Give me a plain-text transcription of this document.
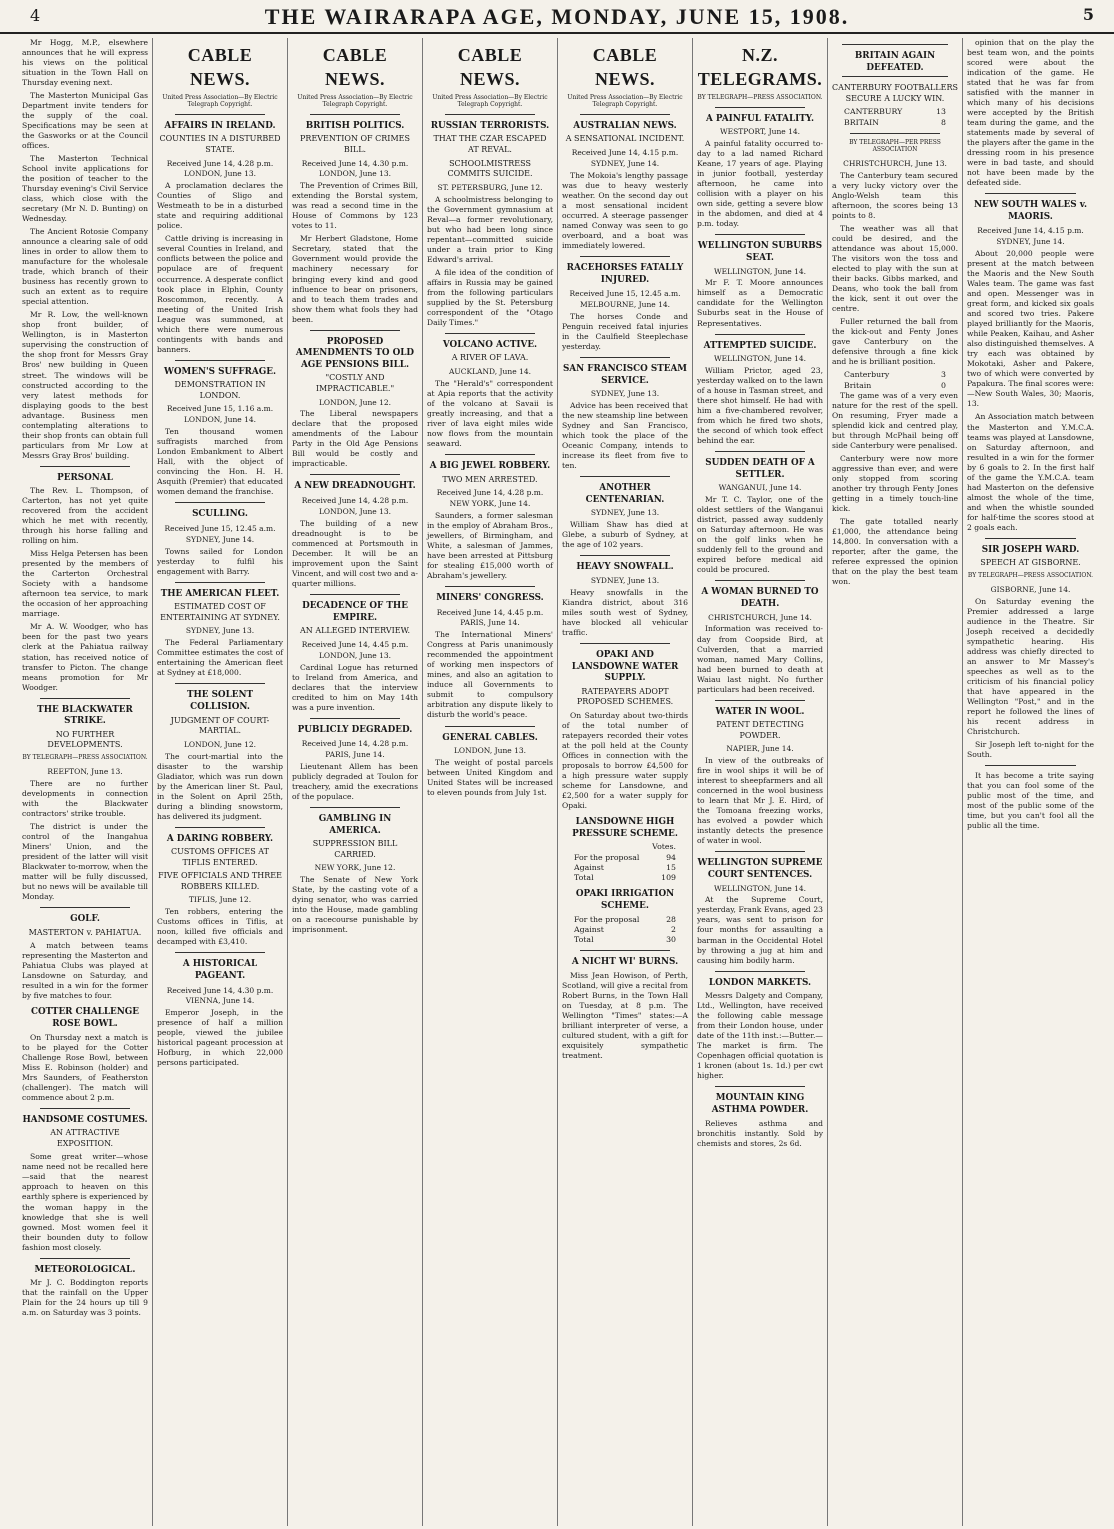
4	THE WAIRARAPA AGE, MONDAY, JUNE 15, 1908.	5

Mr Hogg, M.P., elsewhere announces that he will express his views on the political situation in the Town Hall on Thursday evening next.

The Masterton Municipal Gas Department invite tenders for the supply of the coal. Specifications may be seen at the Gasworks or at the Council offices.

The Masterton Technical School invite applications for the position of teacher to the Thursday evening's Civil Service class, which close with the secretary (Mr N. D. Bunting) on Wednesday.

The Ancient Rotosie Company announce a clearing sale of odd lines in order to allow them to manufacture for the wholesale trade, which branch of their business has recently grown to such an extent as to require special attention.

Mr R. Low, the well-known shop front builder, of Wellington, is in Masterton supervising the construction of the shop front for Messrs Gray Bros' new building in Queen street. The windows will be constructed according to the very latest methods for displaying goods to the best advantage. Business men contemplating alterations to their shop fronts can obtain full particulars from Mr Low at Messrs Gray Bros' building.

PERSONAL

The Rev. L. Thompson, of Carterton, has not yet quite recovered from the accident which he met with recently, through his horse falling and rolling on him.

Miss Helga Petersen has been presented by the members of the Carterton Orchestral Society with a handsome afternoon tea service, to mark the occasion of her approaching marriage.

Mr A. W. Woodger, who has been for the past two years clerk at the Pahiatua railway station, has received notice of transfer to Picton. The change means promotion for Mr Woodger.

THE BLACKWATER STRIKE.
NO FURTHER DEVELOPMENTS.
BY TELEGRAPH—PRESS ASSOCIATION.
REEFTON, June 13.

There are no further developments in connection with the Blackwater contractors' strike trouble.

The district is under the control of the Inangahua Miners' Union, and the president of the latter will visit Blackwater to-morrow, when the matter will be fully discussed, but no news will be available till Monday.

GOLF.
MASTERTON v. PAHIATUA.

A match between teams representing the Masterton and Pahiatua Clubs was played at Lansdowne on Saturday, and resulted in a win for the former by five matches to four.

COTTER CHALLENGE ROSE BOWL.

On Thursday next a match is to be played for the Cotter Challenge Rose Bowl, between Miss E. Robinson (holder) and Mrs Saunders, of Featherston (challenger). The match will commence about 2 p.m.

HANDSOME COSTUMES.
AN ATTRACTIVE EXPOSITION.

Some great writer—whose name need not be recalled here—said that the nearest approach to heaven on this earthly sphere is experienced by the woman happy in the knowledge that she is well gowned. Most women feel it their bounden duty to follow fashion most closely.

METEOROLOGICAL.

Mr J. C. Boddington reports that the rainfall on the Upper Plain for the 24 hours up till 9 a.m. on Saturday was 3 points.

CABLE NEWS.
United Press Association—By Electric Telegraph Copyright.
AFFAIRS IN IRELAND.
COUNTIES IN A DISTURBED STATE.
Received June 14, 4.28 p.m.
LONDON, June 13.

A proclamation declares the Counties of Sligo and Westmeath to be in a disturbed state and requiring additional police.

Cattle driving is increasing in several Counties in Ireland, and conflicts between the police and populace are of frequent occurrence. A desperate conflict took place in Elphin, County Roscommon, recently. A meeting of the United Irish League was summoned, at which there were numerous contingents with bands and banners.

WOMEN'S SUFFRAGE.
DEMONSTRATION IN LONDON.
Received June 15, 1.16 a.m.
LONDON, June 14.

Ten thousand women suffragists marched from London Embankment to Albert Hall, with the object of convincing the Hon. H. H. Asquith (Premier) that educated women demand the franchise.

SCULLING.
Received June 15, 12.45 a.m.
SYDNEY, June 14.

Towns sailed for London yesterday to fulfil his engagement with Barry.

THE AMERICAN FLEET.
ESTIMATED COST OF ENTERTAINING AT SYDNEY.
SYDNEY, June 13.

The Federal Parliamentary Committee estimates the cost of entertaining the American fleet at Sydney at £18,000.

THE SOLENT COLLISION.
JUDGMENT OF COURT-MARTIAL.
LONDON, June 12.

The court-martial into the disaster to the warship Gladiator, which was run down by the American liner St. Paul, in the Solent on April 25th, during a blinding snowstorm, has delivered its judgment.

A DARING ROBBERY.
CUSTOMS OFFICES AT TIFLIS ENTERED.
FIVE OFFICIALS AND THREE ROBBERS KILLED.
TIFLIS, June 12.

Ten robbers, entering the Customs offices in Tiflis, at noon, killed five officials and decamped with £3,410.

A HISTORICAL PAGEANT.
Received June 14, 4.30 p.m.
VIENNA, June 14.

Emperor Joseph, in the presence of half a million people, viewed the jubilee historical pageant procession at Hofburg, in which 22,000 persons participated.

CABLE NEWS.
United Press Association—By Electric Telegraph Copyright.
BRITISH POLITICS.
PREVENTION OF CRIMES BILL.
Received June 14, 4.30 p.m.
LONDON, June 13.

The Prevention of Crimes Bill, extending the Borstal system, was read a second time in the House of Commons by 123 votes to 11.

Mr Herbert Gladstone, Home Secretary, stated that the Government would provide the machinery necessary for bringing every kind and good influence to bear on prisoners, and to teach them trades and show them what fools they had been.

PROPOSED AMENDMENTS TO OLD AGE PENSIONS BILL.
"COSTLY AND IMPRACTICABLE."
LONDON, June 12.

The Liberal newspapers declare that the proposed amendments of the Labour Party in the Old Age Pensions Bill would be costly and impracticable.

A NEW DREADNOUGHT.
Received June 14, 4.28 p.m.
LONDON, June 13.

The building of a new dreadnought is to be commenced at Portsmouth in December. It will be an improvement upon the Saint Vincent, and will cost two and a-quarter millions.

DECADENCE OF THE EMPIRE.
AN ALLEGED INTERVIEW.
Received June 14, 4.45 p.m.
LONDON, June 13.

Cardinal Logue has returned to Ireland from America, and declares that the interview credited to him on May 14th was a pure invention.

PUBLICLY DEGRADED.
Received June 14, 4.28 p.m.
PARIS, June 14.

Lieutenant Allem has been publicly degraded at Toulon for treachery, amid the execrations of the populace.

GAMBLING IN AMERICA.
SUPPRESSION BILL CARRIED.
NEW YORK, June 12.

The Senate of New York State, by the casting vote of a dying senator, who was carried into the House, made gambling on a racecourse punishable by imprisonment.

CABLE NEWS.
United Press Association—By Electric Telegraph Copyright.
RUSSIAN TERRORISTS.
THAT THE CZAR ESCAPED AT REVAL.
SCHOOLMISTRESS COMMITS SUICIDE.
ST. PETERSBURG, June 12.

A schoolmistress belonging to the Government gymnasium at Reval—a former revolutionary, but who had been long since repentant—committed suicide under a train prior to King Edward's arrival.

A file idea of the condition of affairs in Russia may be gained from the following particulars supplied by the St. Petersburg correspondent of the "Otago Daily Times."

VOLCANO ACTIVE.
A RIVER OF LAVA.
AUCKLAND, June 14.

The "Herald's" correspondent at Apia reports that the activity of the volcano at Savaii is greatly increasing, and that a river of lava eight miles wide now flows from the mountain seaward.

A BIG JEWEL ROBBERY.
TWO MEN ARRESTED.
Received June 14, 4.28 p.m.
NEW YORK, June 14.

Saunders, a former salesman in the employ of Abraham Bros., jewellers, of Birmingham, and White, a salesman of Jammes, have been arrested at Pittsburg for stealing £15,000 worth of Abraham's jewellery.

MINERS' CONGRESS.
Received June 14, 4.45 p.m.
PARIS, June 14.

The International Miners' Congress at Paris unanimously recommended the appointment of working men inspectors of mines, and also an agitation to induce all Governments to submit to compulsory arbitration any dispute likely to disturb the world's peace.

GENERAL CABLES.
LONDON, June 13.

The weight of postal parcels between United Kingdom and United States will be increased to eleven pounds from July 1st.

CABLE NEWS.
United Press Association—By Electric Telegraph Copyright.
AUSTRALIAN NEWS.
A SENSATIONAL INCIDENT.
Received June 14, 4.15 p.m.
SYDNEY, June 14.

The Mokoia's lengthy passage was due to heavy westerly weather. On the second day out a most sensational incident occurred. A steerage passenger named Conway was seen to go overboard, and a boat was immediately lowered.

RACEHORSES FATALLY INJURED.
Received June 15, 12.45 a.m.
MELBOURNE, June 14.

The horses Conde and Penguin received fatal injuries in the Caulfield Steeplechase yesterday.

SAN FRANCISCO STEAM SERVICE.
SYDNEY, June 13.

Advice has been received that the new steamship line between Sydney and San Francisco, which took the place of the Oceanic Company, intends to increase its fleet from five to ten.

ANOTHER CENTENARIAN.
SYDNEY, June 13.

William Shaw has died at Glebe, a suburb of Sydney, at the age of 102 years.

HEAVY SNOWFALL.
SYDNEY, June 13.

Heavy snowfalls in the Kiandra district, about 316 miles south west of Sydney, have blocked all vehicular traffic.

OPAKI AND LANSDOWNE WATER SUPPLY.
RATEPAYERS ADOPT PROPOSED SCHEMES.

On Saturday about two-thirds of the total number of ratepayers recorded their votes at the poll held at the County Offices in connection with the proposals to borrow £4,500 for a high pressure water supply scheme for Lansdowne, and £2,500 for a water supply for Opaki.

LANSDOWNE HIGH PRESSURE SCHEME.
Votes.
For the proposal	94
Against	15
Total	109
OPAKI IRRIGATION SCHEME.
For the proposal	28
Against	2
Total	30
A NICHT WI' BURNS.

Miss Jean Howison, of Perth, Scotland, will give a recital from Robert Burns, in the Town Hall on Tuesday, at 8 p.m. The Wellington "Times" states:—A brilliant interpreter of verse, a cultured student, with a gift for exquisitely sympathetic treatment.

N.Z. TELEGRAMS.
BY TELEGRAPH—PRESS ASSOCIATION.
A PAINFUL FATALITY.
WESTPORT, June 14.

A painful fatality occurred to-day to a lad named Richard Keane, 17 years of age. Playing in junior football, yesterday afternoon, he came into collision with a player on his own side, getting a severe blow in the abdomen, and died at 4 p.m. today.

WELLINGTON SUBURBS SEAT.
WELLINGTON, June 14.

Mr F. T. Moore announces himself as a Democratic candidate for the Wellington Suburbs seat in the House of Representatives.

ATTEMPTED SUICIDE.
WELLINGTON, June 14.

William Prictor, aged 23, yesterday walked on to the lawn of a house in Tasman street, and there shot himself. He had with him a five-chambered revolver, from which he fired two shots, the second of which took effect behind the ear.

SUDDEN DEATH OF A SETTLER.
WANGANUI, June 14.

Mr T. C. Taylor, one of the oldest settlers of the Wanganui district, passed away suddenly on Saturday afternoon. He was on the golf links when he suddenly fell to the ground and expired before medical aid could be procured.

A WOMAN BURNED TO DEATH.
CHRISTCHURCH, June 14.

Information was received to-day from Coopside Bird, at Culverden, that a married woman, named Mary Collins, had been burned to death at Waiau last night. No further particulars had been received.

WATER IN WOOL.
PATENT DETECTING POWDER.
NAPIER, June 14.

In view of the outbreaks of fire in wool ships it will be of interest to sheepfarmers and all concerned in the wool business to learn that Mr J. E. Hird, of the Tomoana freezing works, has evolved a powder which instantly detects the presence of water in wool.

WELLINGTON SUPREME COURT SENTENCES.
WELLINGTON, June 14.

At the Supreme Court, yesterday, Frank Evans, aged 23 years, was sent to prison for four months for assaulting a barman in the Occidental Hotel by throwing a jug at him and causing him bodily harm.

LONDON MARKETS.

Messrs Dalgety and Company, Ltd., Wellington, have received the following cable message from their London house, under date of the 11th inst.:—Butter.—The market is firm. The Copenhagen official quotation is 1 kronen (about 1s. 1d.) per cwt higher.

MOUNTAIN KING ASTHMA POWDER.

Relieves asthma and bronchitis instantly. Sold by chemists and stores, 2s 6d.

BRITAIN AGAIN DEFEATED.
CANTERBURY FOOTBALLERS SECURE A LUCKY WIN.
CANTERBURY	13
BRITAIN	8
BY TELEGRAPH—PER PRESS ASSOCIATION
CHRISTCHURCH, June 13.

The Canterbury team secured a very lucky victory over the Anglo-Welsh team this afternoon, the scores being 13 points to 8.

The weather was all that could be desired, and the attendance was about 15,000. The visitors won the toss and elected to play with the sun at their backs. Gibbs marked, and Deans, who took the ball from the kick, sent it out over the centre.

Fuller returned the ball from the kick-out and Fenty Jones gave Canterbury on the defensive through a fine kick and he is brilliant position.

Canterbury	3
Britain	0

The game was of a very even nature for the rest of the spell. On resuming, Fryer made a splendid kick and centred play, but through McPhail being off side Canterbury were penalised.

Canterbury were now more aggressive than ever, and were only stopped from scoring another try through Fenty Jones getting in a timely touch-line kick.

The gate totalled nearly £1,000, the attendance being 14,800. In conversation with a reporter, after the game, the referee expressed the opinion that on the play the best team won.

opinion that on the play the best team won, and the points scored were about the indication of the game. He stated that he was far from satisfied with the manner in which many of his decisions were accepted by the British team during the game, and the statements made by several of the players after the game in the dressing room in his presence were in bad taste, and should not have been made by the defeated side.

NEW SOUTH WALES v. MAORIS.
Received June 14, 4.15 p.m.
SYDNEY, June 14.

About 20,000 people were present at the match between the Maoris and the New South Wales team. The game was fast and open. Messenger was in great form, and kicked six goals and scored two tries. Pakere played brilliantly for the Maoris, while Peaken, Kaihau, and Asher also distinguished themselves. A try each was obtained by Mokotaki, Asher and Pakere, two of which were converted by Papakura. The final scores were:—New South Wales, 30; Maoris, 13.

An Association match between the Masterton and Y.M.C.A. teams was played at Lansdowne, on Saturday afternoon, and resulted in a win for the former by 6 goals to 2. In the first half of the game the Y.M.C.A. team had Masterton on the defensive almost the whole of the time, and when the whistle sounded for half-time the scores stood at 2 goals each.

SIR JOSEPH WARD.
SPEECH AT GISBORNE.
BY TELEGRAPH—PRESS ASSOCIATION.
GISBORNE, June 14.

On Saturday evening the Premier addressed a large audience in the Theatre. Sir Joseph received a decidedly sympathetic hearing. His address was chiefly directed to an answer to Mr Massey's speeches as well as to the criticism of his financial policy that have appeared in the Wellington "Post," and in the report he followed the lines of his recent address in Christchurch.

Sir Joseph left to-night for the South.

It has become a trite saying that you can fool some of the public most of the time, and most of the public some of the time, but you can't fool all the public all the time.
